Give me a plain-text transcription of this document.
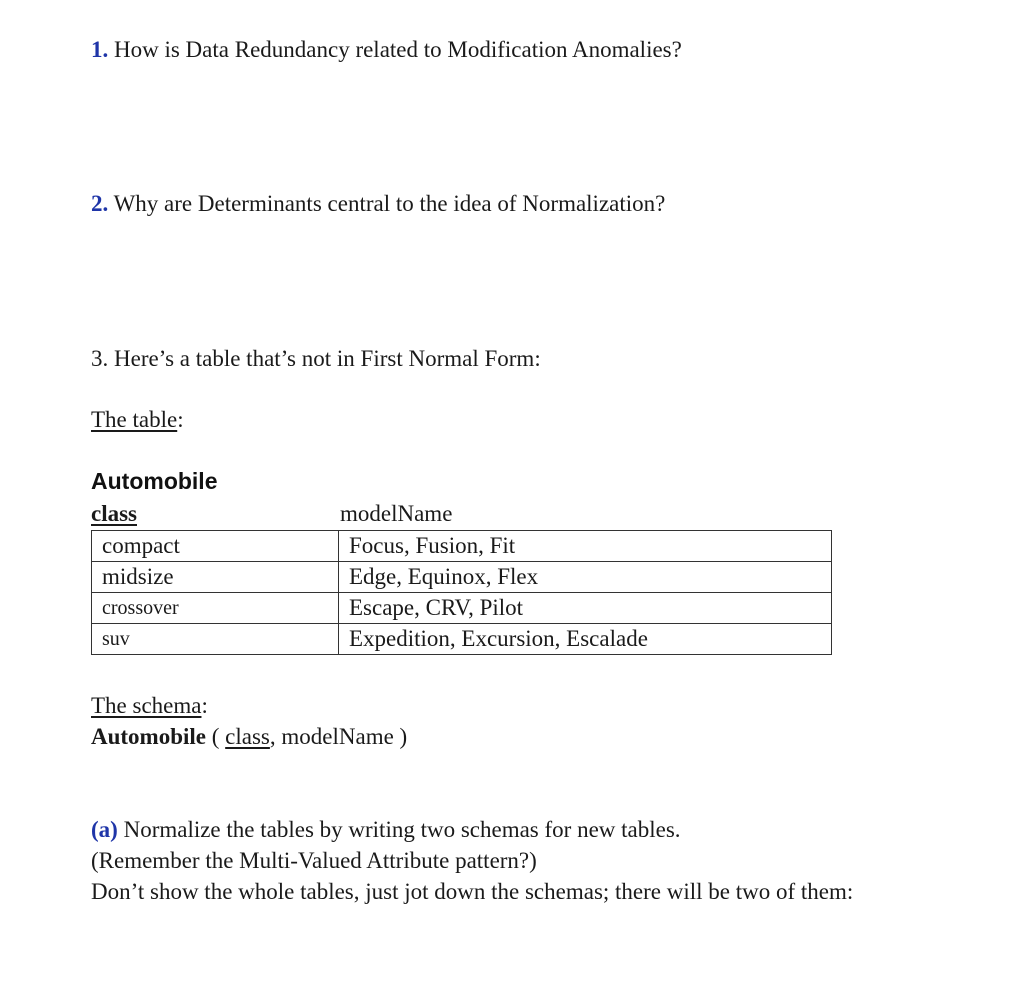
1. How is Data Redundancy related to Modification Anomalies?
2. Why are Determinants central to the idea of Normalization?
3. Here’s a table that’s not in First Normal Form:
The table:
Automobile
class	modelName
compact	Focus, Fusion, Fit
midsize	Edge, Equinox, Flex
crossover	Escape, CRV, Pilot
suv	Expedition, Excursion, Escalade
The schema:
Automobile ( class, modelName )
(a) Normalize the tables by writing two schemas for new tables.
(Remember the Multi-Valued Attribute pattern?)
Don’t show the whole tables, just jot down the schemas; there will be two of them:
